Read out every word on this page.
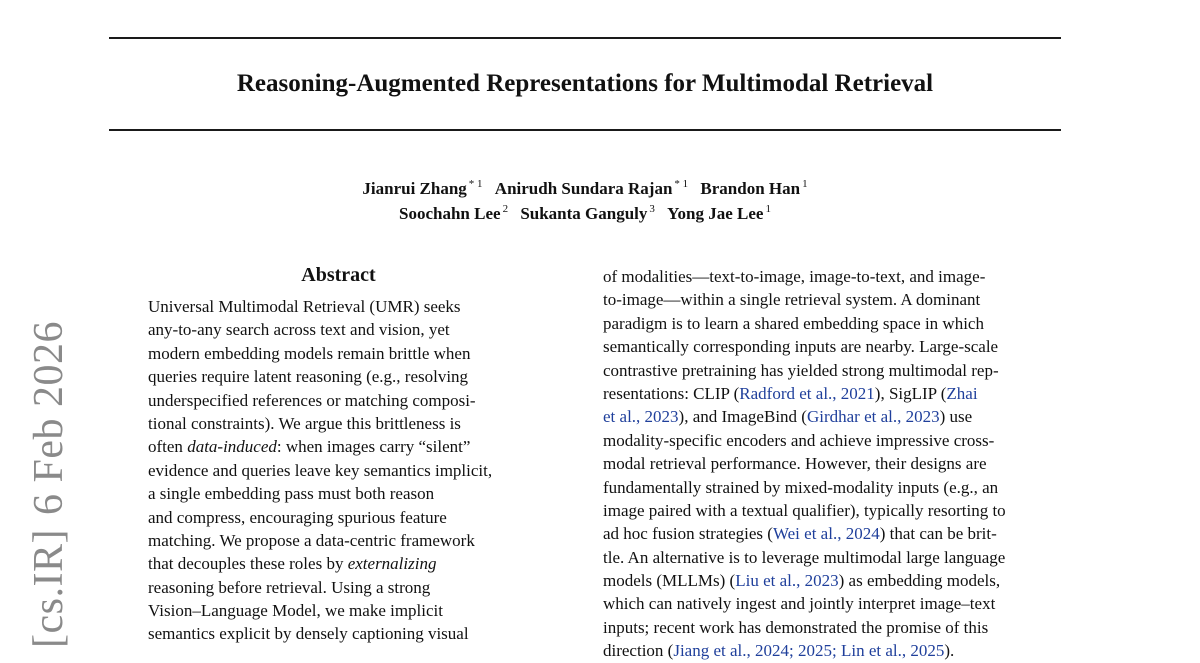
Reasoning-Augmented Representations for Multimodal Retrieval
Jianrui Zhang $^{* 1}$ Anirudh Sundara Rajan $^{* 1}$ Brandon Han $^1$
Soochahn Lee $^2$ Sukanta Ganguly $^3$ Yong Jae Lee $^1$
[cs.IR]6 Feb 2026
Abstract
Universal Multimodal Retrieval (UMR) seeks
any-to-any search across text and vision, yet
modern embedding models remain brittle when
queries require latent reasoning (e.g., resolving
underspecified references or matching composi-
tional constraints). We argue this brittleness is
often data-induced: when images carry “silent”
evidence and queries leave key semantics implicit,
a single embedding pass must both reason
and compress, encouraging spurious feature
matching. We propose a data-centric framework
that decouples these roles by externalizing
reasoning before retrieval. Using a strong
Vision–Language Model, we make implicit
semantics explicit by densely captioning visual
of modalities—text-to-image, image-to-text, and image-
to-image—within a single retrieval system. A dominant
paradigm is to learn a shared embedding space in which
semantically corresponding inputs are nearby. Large-scale
contrastive pretraining has yielded strong multimodal rep-
resentations: CLIP (Radford et al., 2021), SigLIP (Zhai
et al., 2023), and ImageBind (Girdhar et al., 2023) use
modality-specific encoders and achieve impressive cross-
modal retrieval performance. However, their designs are
fundamentally strained by mixed-modality inputs (e.g., an
image paired with a textual qualifier), typically resorting to
ad hoc fusion strategies (Wei et al., 2024) that can be brit-
tle. An alternative is to leverage multimodal large language
models (MLLMs) (Liu et al., 2023) as embedding models,
which can natively ingest and jointly interpret image–text
inputs; recent work has demonstrated the promise of this
direction (Jiang et al., 2024; 2025; Lin et al., 2025).
